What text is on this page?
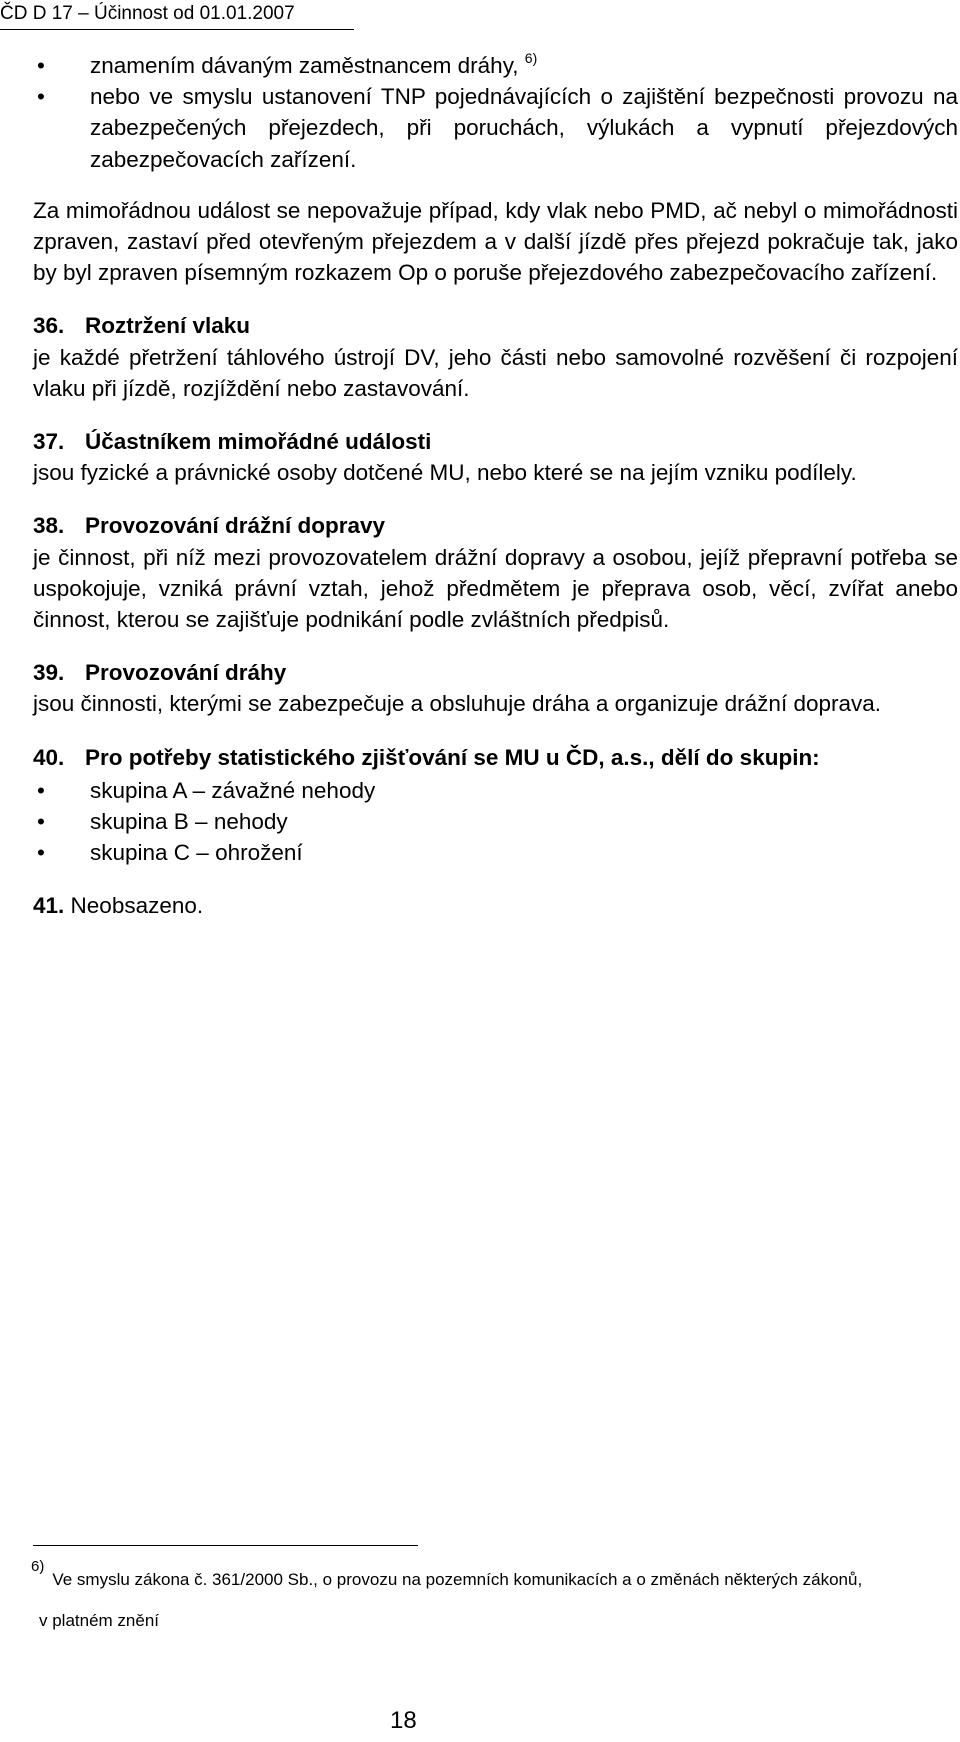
ČD D 17 – Účinnost od 01.01.2007
• znamením dávaným zaměstnancem dráhy, $^{6)}$
• nebo ve smyslu ustanovení TNP pojednávajících o zajištění bezpečnosti provozu na zabezpečených přejezdech, při poruchách, výlukách a vypnutí přejezdových zabezpečovacích zařízení.

Za mimořádnou událost se nepovažuje případ, kdy vlak nebo PMD, ač nebyl o mimořádnosti zpraven, zastaví před otevřeným přejezdem a v další jízdě přes přejezd pokračuje tak, jako by byl zpraven písemným rozkazem Op o poruše přejezdového zabezpečovacího zařízení.

36. Roztržení vlaku

je každé přetržení táhlového ústrojí DV, jeho části nebo samovolné rozvěšení či rozpojení vlaku při jízdě, rozjíždění nebo zastavování.

37. Účastníkem mimořádné události

jsou fyzické a právnické osoby dotčené MU, nebo které se na jejím vzniku podílely.

38. Provozování drážní dopravy

je činnost, při níž mezi provozovatelem drážní dopravy a osobou, jejíž přepravní potřeba se uspokojuje, vzniká právní vztah, jehož předmětem je přeprava osob, věcí, zvířat anebo činnost, kterou se zajišťuje podnikání podle zvláštních předpisů.

39. Provozování dráhy

jsou činnosti, kterými se zabezpečuje a obsluhuje dráha a organizuje drážní doprava.

40. Pro potřeby statistického zjišťování se MU u ČD, a.s., dělí do skupin:

• skupina A – závažné nehody
• skupina B – nehody
• skupina C – ohrožení
41. Neobsazeno.
6)Ve smyslu zákona č. 361/2000 Sb., o provozu na pozemních komunikacích a o změnách některých zákonů,
v platném znění
18
